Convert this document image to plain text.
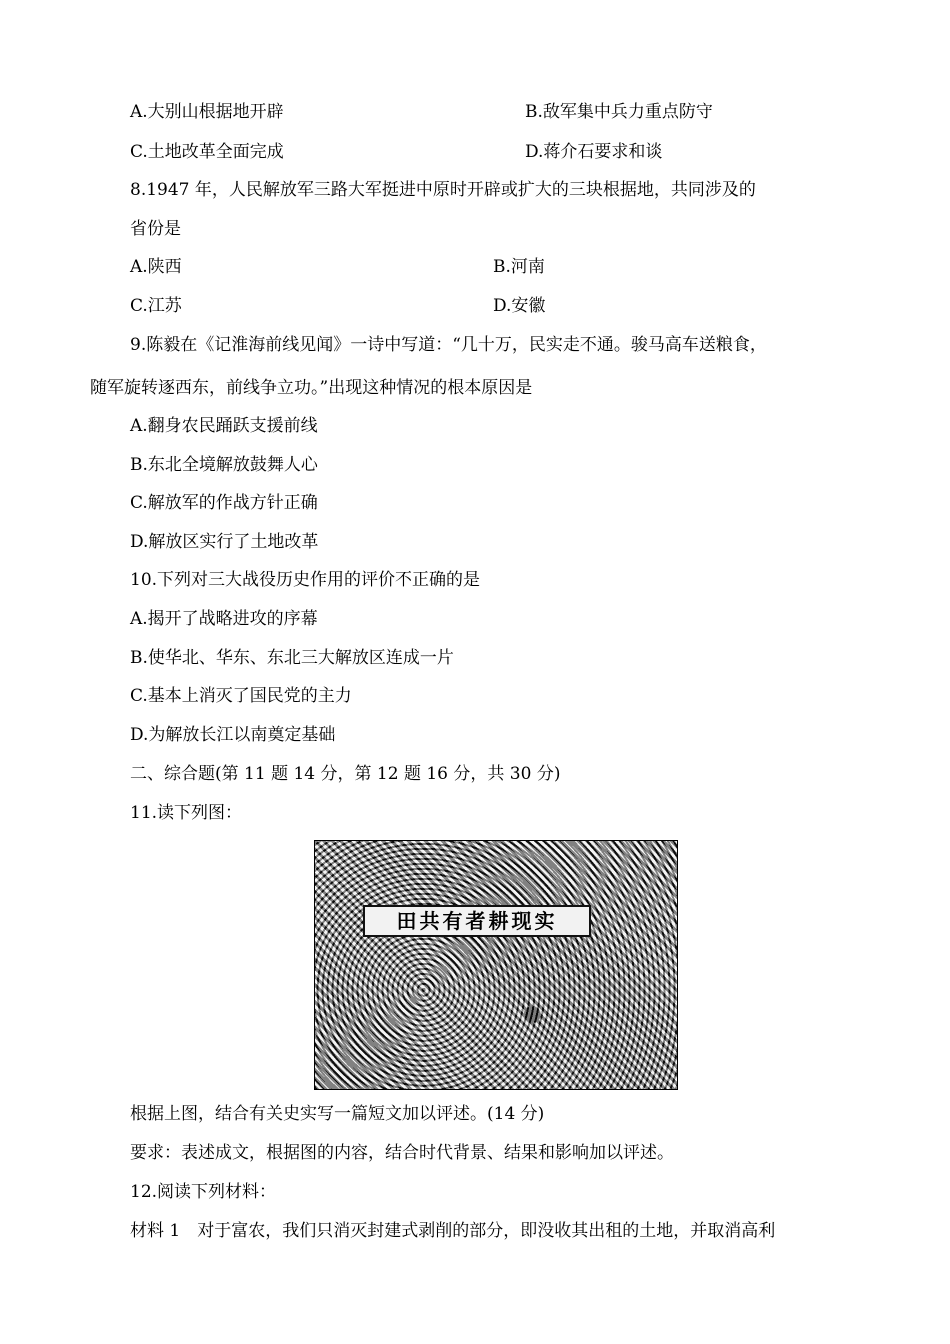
A.大别山根据地开辟	B.敌军集中兵力重点防守
C.土地改革全面完成	D.蒋介石要求和谈
8.1947 年，人民解放军三路大军挺进中原时开辟或扩大的三块根据地，共同涉及的
省份是
A.陕西	B.河南
C.江苏	D.安徽
9.陈毅在《记淮海前线见闻》一诗中写道：“几十万，民实走不通。骏马高车送粮食，
随军旋转逐西东，前线争立功。”出现这种情况的根本原因是
A.翻身农民踊跃支援前线
B.东北全境解放鼓舞人心
C.解放军的作战方针正确
D.解放区实行了土地改革
10.下列对三大战役历史作用的评价不正确的是
A.揭开了战略进攻的序幕
B.使华北、华东、东北三大解放区连成一片
C.基本上消灭了国民党的主力
D.为解放长江以南奠定基础
二、综合题(第 11 题 14 分，第 12 题 16 分，共 30 分)
11.读下列图：
田共有者耕现实
根据上图，结合有关史实写一篇短文加以评述。(14 分)
要求：表述成文，根据图的内容，结合时代背景、结果和影响加以评述。
12.阅读下列材料：
材料 1　对于富农，我们只消灭封建式剥削的部分，即没收其出租的土地，并取消高利
